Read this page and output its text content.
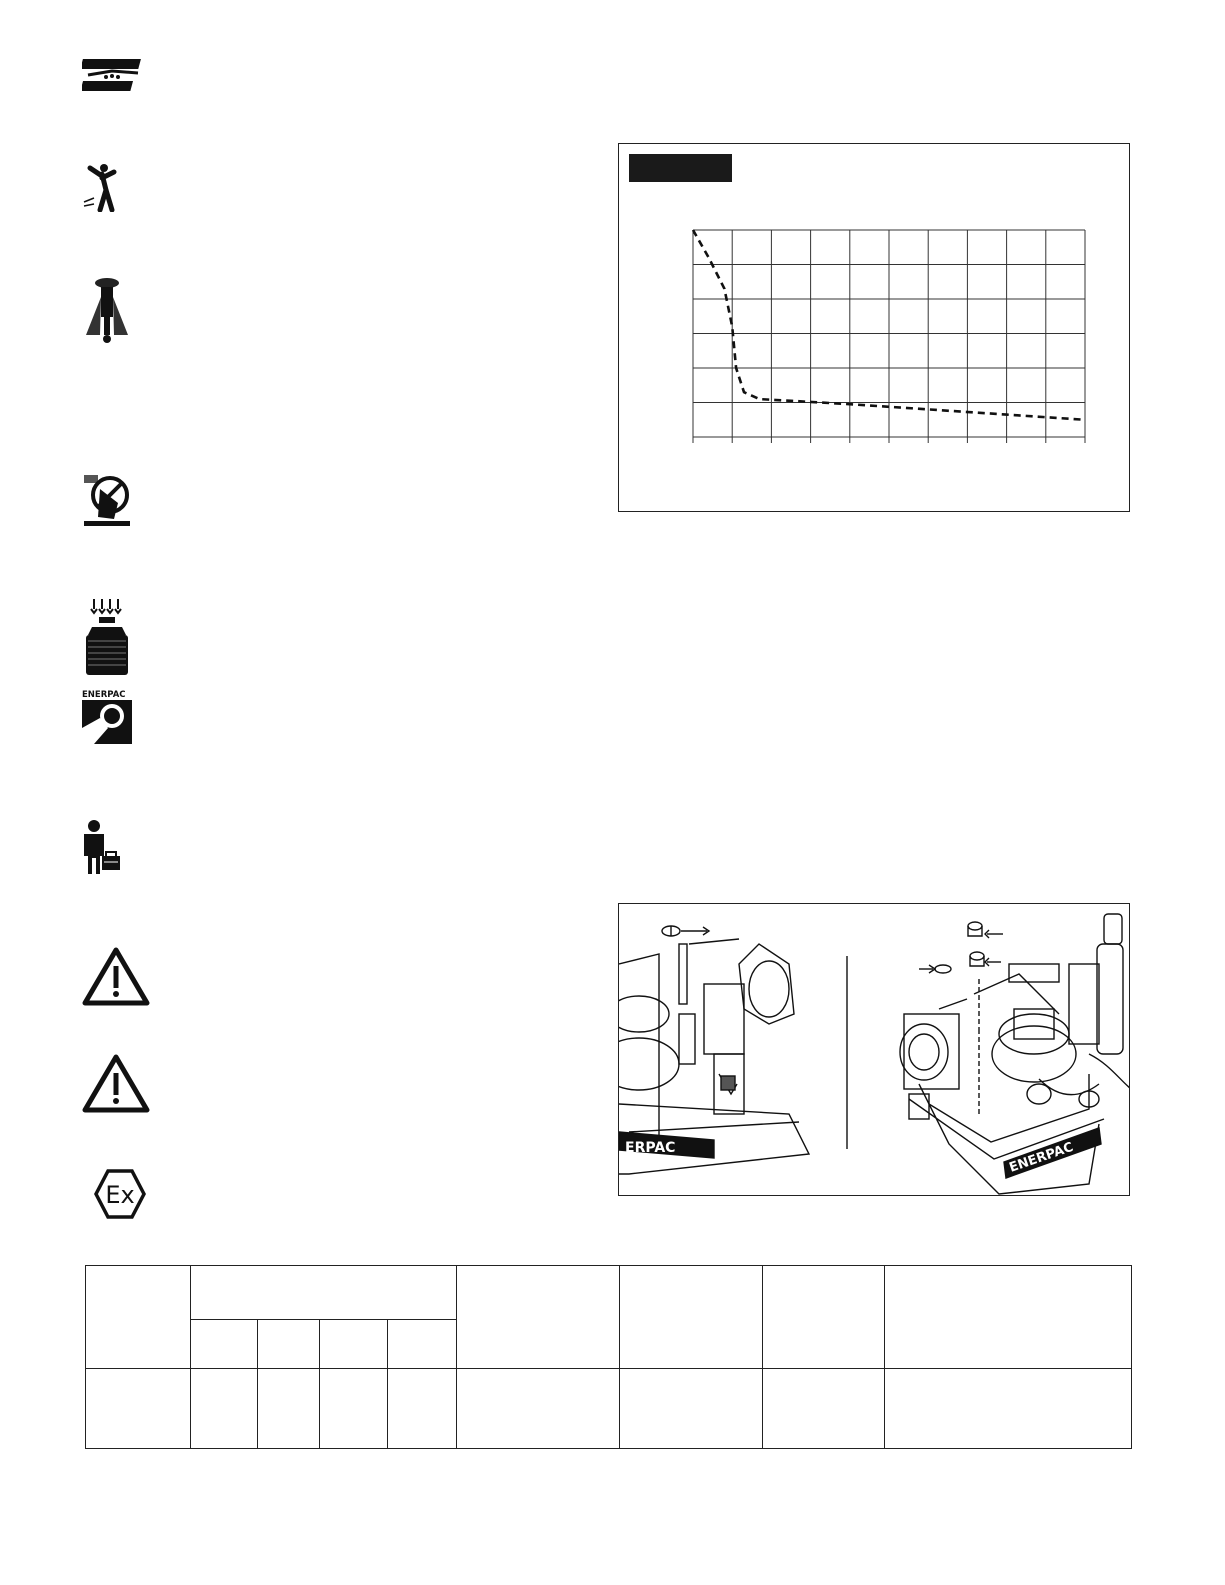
ENERPAC
Ex
ERPAC	ENERPAC
